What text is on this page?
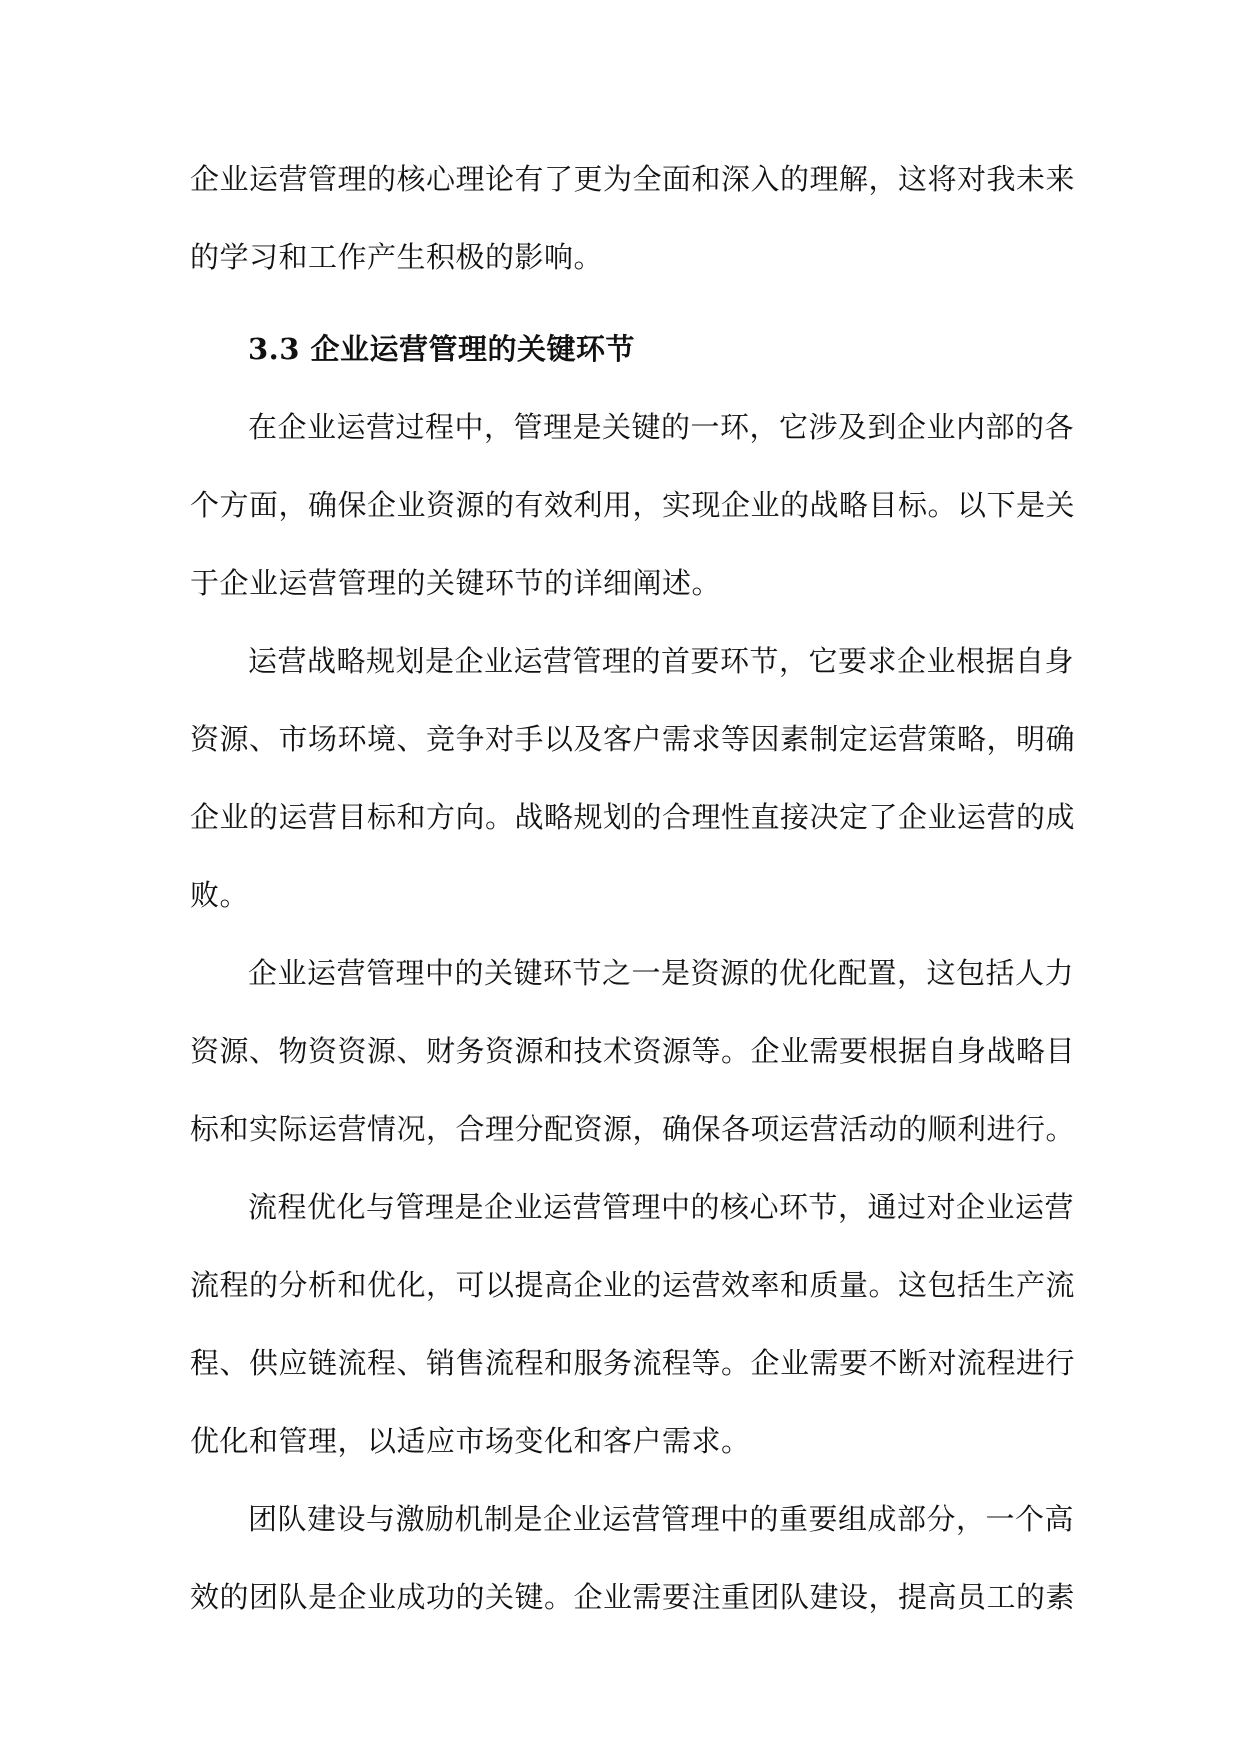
企业运营管理的核心理论有了更为全面和深入的理解，这将对我未来
的学习和工作产生积极的影响。
3.3 企业运营管理的关键环节
在企业运营过程中，管理是关键的一环，它涉及到企业内部的各
个方面，确保企业资源的有效利用，实现企业的战略目标。以下是关
于企业运营管理的关键环节的详细阐述。
运营战略规划是企业运营管理的首要环节，它要求企业根据自身
资源、市场环境、竞争对手以及客户需求等因素制定运营策略，明确
企业的运营目标和方向。战略规划的合理性直接决定了企业运营的成
败。
企业运营管理中的关键环节之一是资源的优化配置，这包括人力
资源、物资资源、财务资源和技术资源等。企业需要根据自身战略目
标和实际运营情况，合理分配资源，确保各项运营活动的顺利进行。
流程优化与管理是企业运营管理中的核心环节，通过对企业运营
流程的分析和优化，可以提高企业的运营效率和质量。这包括生产流
程、供应链流程、销售流程和服务流程等。企业需要不断对流程进行
优化和管理，以适应市场变化和客户需求。
团队建设与激励机制是企业运营管理中的重要组成部分，一个高
效的团队是企业成功的关键。企业需要注重团队建设，提高员工的素
